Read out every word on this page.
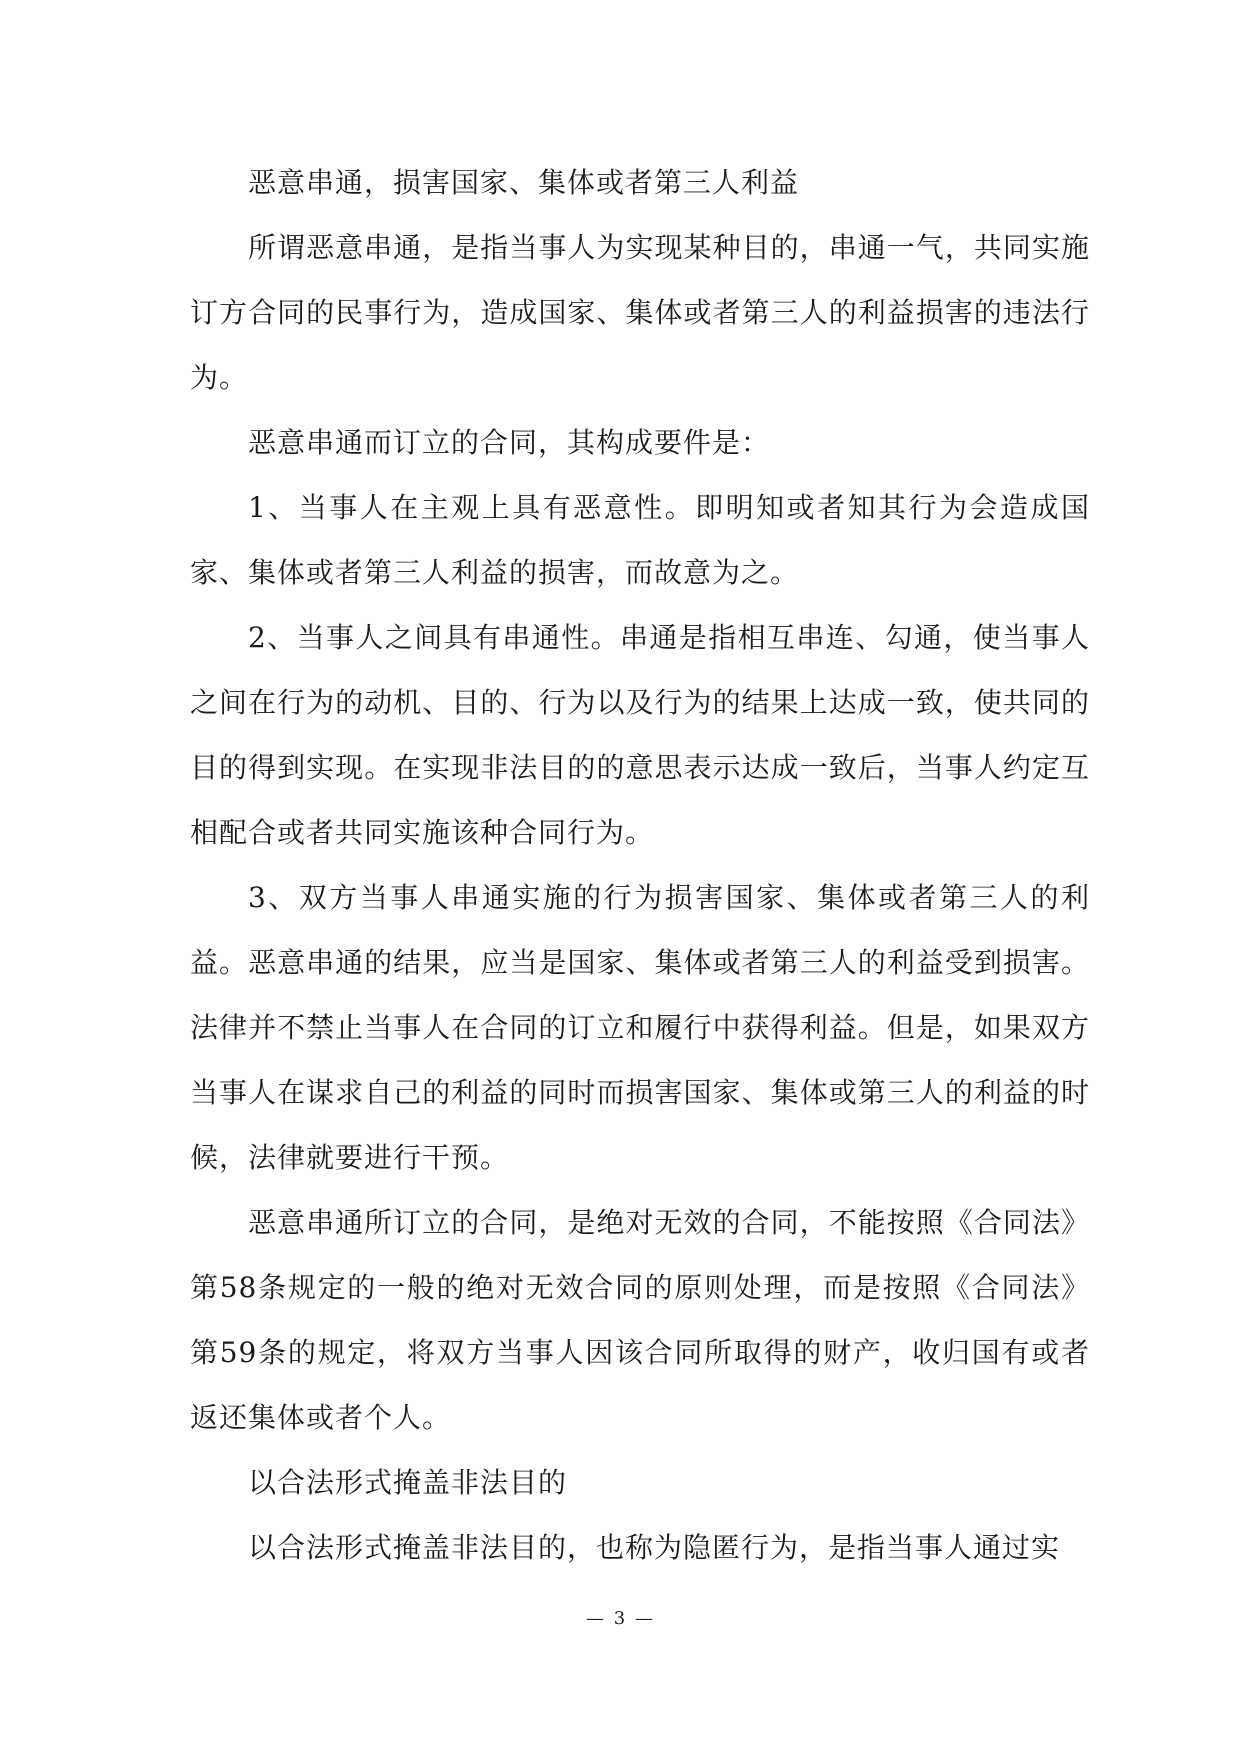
恶意串通，损害国家、集体或者第三人利益

所谓恶意串通，是指当事人为实现某种目的，串通一气，共同实施订方合同的民事行为，造成国家、集体或者第三人的利益损害的违法行为。

恶意串通而订立的合同，其构成要件是：

1、当事人在主观上具有恶意性。即明知或者知其行为会造成国家、集体或者第三人利益的损害，而故意为之。

2、当事人之间具有串通性。串通是指相互串连、勾通，使当事人之间在行为的动机、目的、行为以及行为的结果上达成一致，使共同的目的得到实现。在实现非法目的的意思表示达成一致后，当事人约定互相配合或者共同实施该种合同行为。

3、双方当事人串通实施的行为损害国家、集体或者第三人的利益。恶意串通的结果，应当是国家、集体或者第三人的利益受到损害。法律并不禁止当事人在合同的订立和履行中获得利益。但是，如果双方当事人在谋求自己的利益的同时而损害国家、集体或第三人的利益的时候，法律就要进行干预。

恶意串通所订立的合同，是绝对无效的合同，不能按照《合同法》第58条规定的一般的绝对无效合同的原则处理，而是按照《合同法》第59条的规定，将双方当事人因该合同所取得的财产，收归国有或者返还集体或者个人。

以合法形式掩盖非法目的

以合法形式掩盖非法目的，也称为隐匿行为，是指当事人通过实

— 3 —
